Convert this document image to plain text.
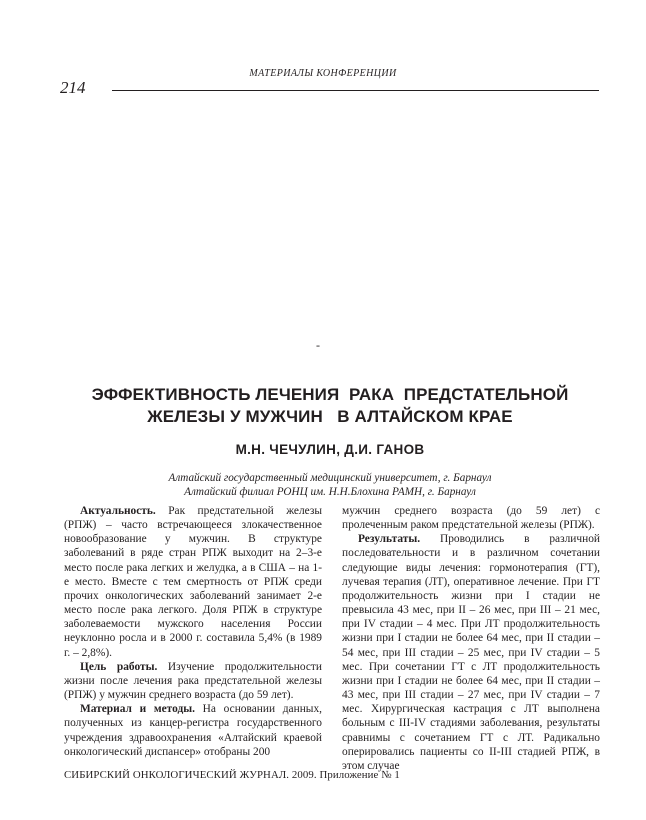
МАТЕРИАЛЫ КОНФЕРЕНЦИИ
214
-
ЭФФЕКТИВНОСТЬ ЛЕЧЕНИЯ  РАКА  ПРЕДСТАТЕЛЬНОЙ
ЖЕЛЕЗЫ У МУЖЧИН   В АЛТАЙСКОМ КРАЕ
М.Н. ЧЕЧУЛИН, Д.И. ГАНОВ
Алтайский государственный медицинский университет, г. Барнаул
Алтайский филиал РОНЦ им. Н.Н.Блохина РАМН, г. Барнаул

Актуальность. Рак предстательной железы (РПЖ) – часто встречающееся злокачественное новообразование у мужчин. В структуре заболеваний в ряде стран РПЖ выходит на 2–3-е место после рака легких и желудка, а в США – на 1-е место. Вместе с тем смертность от РПЖ среди прочих онкологических заболеваний занимает 2-е место после рака легкого. Доля РПЖ в структуре заболеваемости мужского населения России неуклонно росла и в 2000 г. составила 5,4% (в 1989 г. – 2,8%).

Цель работы. Изучение продолжительности жизни после лечения рака предстательной железы (РПЖ) у мужчин среднего возраста (до 59 лет).

Материал и методы. На основании данных, полученных из канцер-регистра государственного учреждения здравоохранения «Алтайский краевой онкологический диспансер» отобраны 200

мужчин среднего возраста (до 59 лет) с пролеченным раком предстательной железы (РПЖ).

Результаты. Проводились в различной последовательности и в различном сочетании следующие виды лечения: гормонотерапия (ГТ), лучевая терапия (ЛТ), оперативное лечение. При ГТ продолжительность жизни при I стадии не превысила 43 мес, при II – 26 мес, при III – 21 мес, при IV стадии – 4 мес. При ЛТ продолжительность жизни при I стадии не более 64 мес, при II стадии – 54 мес, при III стадии – 25 мес, при IV стадии – 5 мес. При сочетании ГТ с ЛТ продолжительность жизни при I стадии не более 64 мес, при II стадии – 43 мес, при III стадии – 27 мес, при IV стадии – 7 мес. Хирургическая кастрация с ЛТ выполнена больным с III-IV стадиями заболевания, результаты сравнимы с сочетанием ГТ с ЛТ. Радикально оперировались пациенты со II-III стадией РПЖ, в этом случае

СИБИРСКИЙ ОНКОЛОГИЧЕСКИЙ ЖУРНАЛ. 2009. Приложение № 1
